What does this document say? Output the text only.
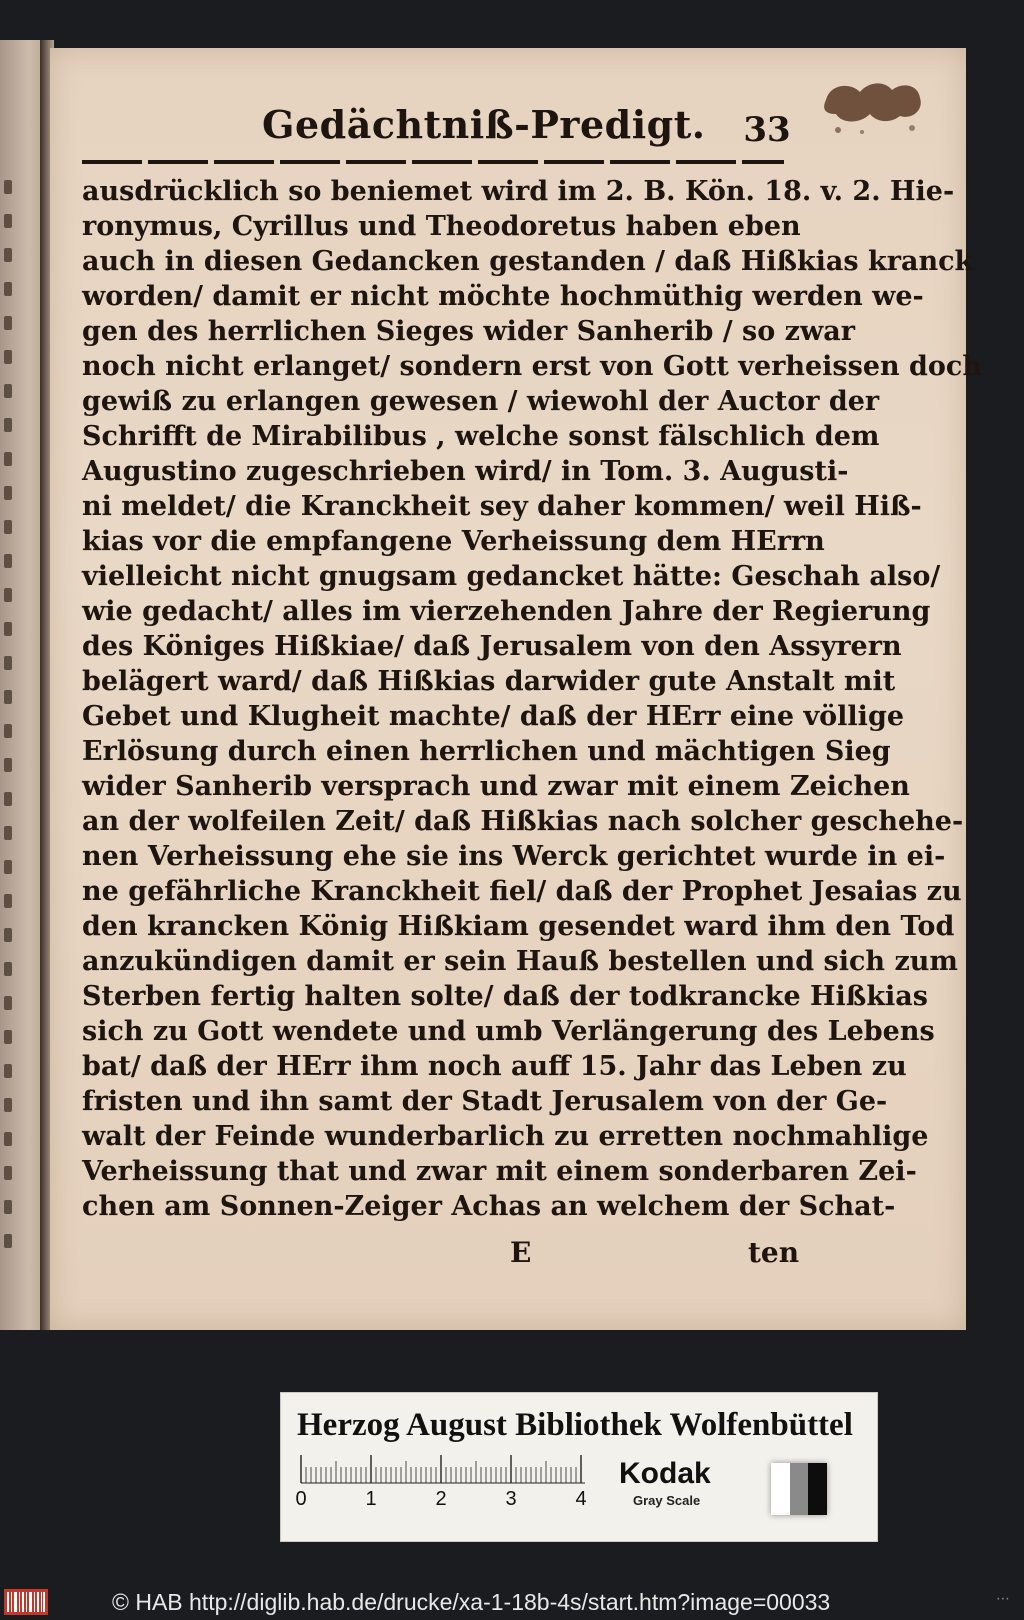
Gedächtniß-Predigt. 33
ausdrücklich so beniemet wird im 2. B. Kön. 18. v. 2. Hie-
ronymus, Cyrillus und Theodoretus haben eben
auch in diesen Gedancken gestanden / daß Hißkias kranck
worden/ damit er nicht möchte hochmüthig werden we-
gen des herrlichen Sieges wider Sanherib / so zwar
noch nicht erlanget/ sondern erst von Gott verheissen doch
gewiß zu erlangen gewesen / wiewohl der Auctor der
Schrifft de Mirabilibus , welche sonst fälschlich dem
Augustino zugeschrieben wird/ in Tom. 3. Augusti-
ni meldet/ die Kranckheit sey daher kommen/ weil Hiß-
kias vor die empfangene Verheissung dem HErrn
vielleicht nicht gnugsam gedancket hätte: Geschah also/
wie gedacht/ alles im vierzehenden Jahre der Regierung
des Königes Hißkiae/ daß Jerusalem von den Assyrern
belägert ward/ daß Hißkias darwider gute Anstalt mit
Gebet und Klugheit machte/ daß der HErr eine völlige
Erlösung durch einen herrlichen und mächtigen Sieg
wider Sanherib versprach und zwar mit einem Zeichen
an der wolfeilen Zeit/ daß Hißkias nach solcher geschehe-
nen Verheissung ehe sie ins Werck gerichtet wurde in ei-
ne gefährliche Kranckheit fiel/ daß der Prophet Jesaias zu
den krancken König Hißkiam gesendet ward ihm den Tod
anzukündigen damit er sein Hauß bestellen und sich zum
Sterben fertig halten solte/ daß der todkrancke Hißkias
sich zu Gott wendete und umb Verlängerung des Lebens
bat/ daß der HErr ihm noch auff 15. Jahr das Leben zu
fristen und ihn samt der Stadt Jerusalem von der Ge-
walt der Feinde wunderbarlich zu erretten nochmahlige
Verheissung that und zwar mit einem sonderbaren Zei-
chen am Sonnen-Zeiger Achas an welchem der Schat-
E	ten
Herzog August Bibliothek Wolfenbüttel
0	1	2	3	4
Kodak
Gray Scale
© HAB http://diglib.hab.de/drucke/xa-1-18b-4s/start.htm?image=00033	⋯
